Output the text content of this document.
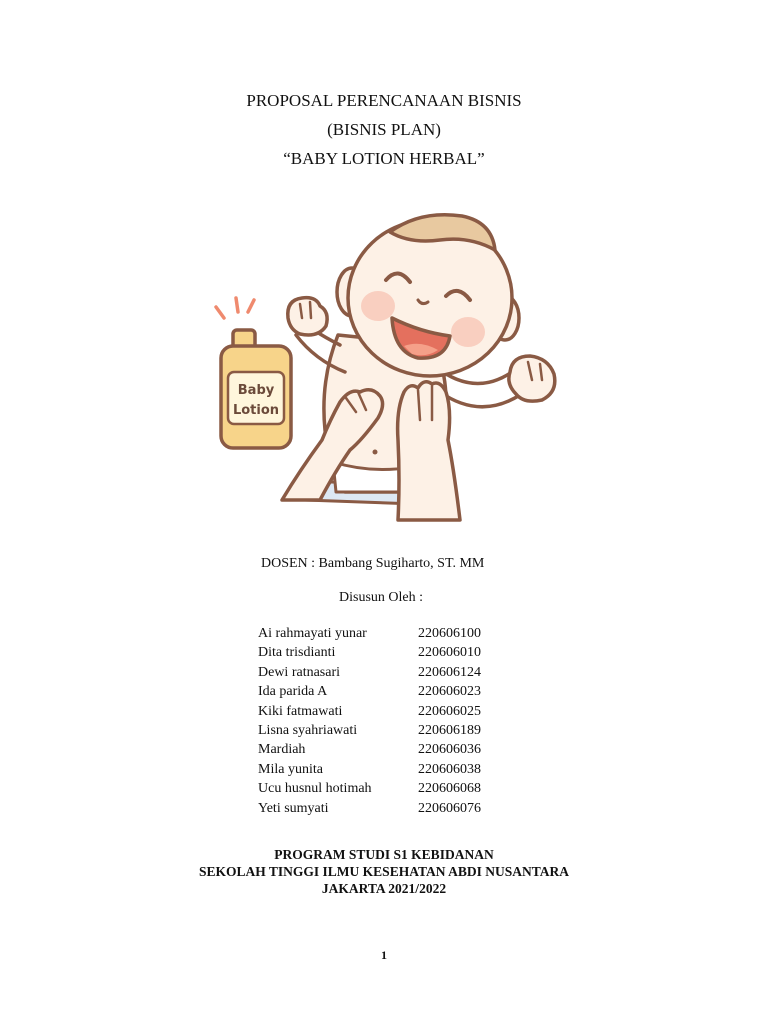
PROPOSAL PERENCANAAN BISNIS
(BISNIS PLAN)
“BABY LOTION HERBAL”
Baby
Lotion
DOSEN : Bambang Sugiharto, ST. MM
Disusun Oleh :
Ai rahmayati yunar	220606100
Dita trisdianti	220606010
Dewi ratnasari	220606124
Ida parida A	220606023
Kiki fatmawati	220606025
Lisna syahriawati	220606189
Mardiah	220606036
Mila yunita	220606038
Ucu husnul hotimah	220606068
Yeti sumyati	220606076
PROGRAM STUDI S1 KEBIDANAN
SEKOLAH TINGGI ILMU KESEHATAN ABDI NUSANTARA
JAKARTA 2021/2022
1
